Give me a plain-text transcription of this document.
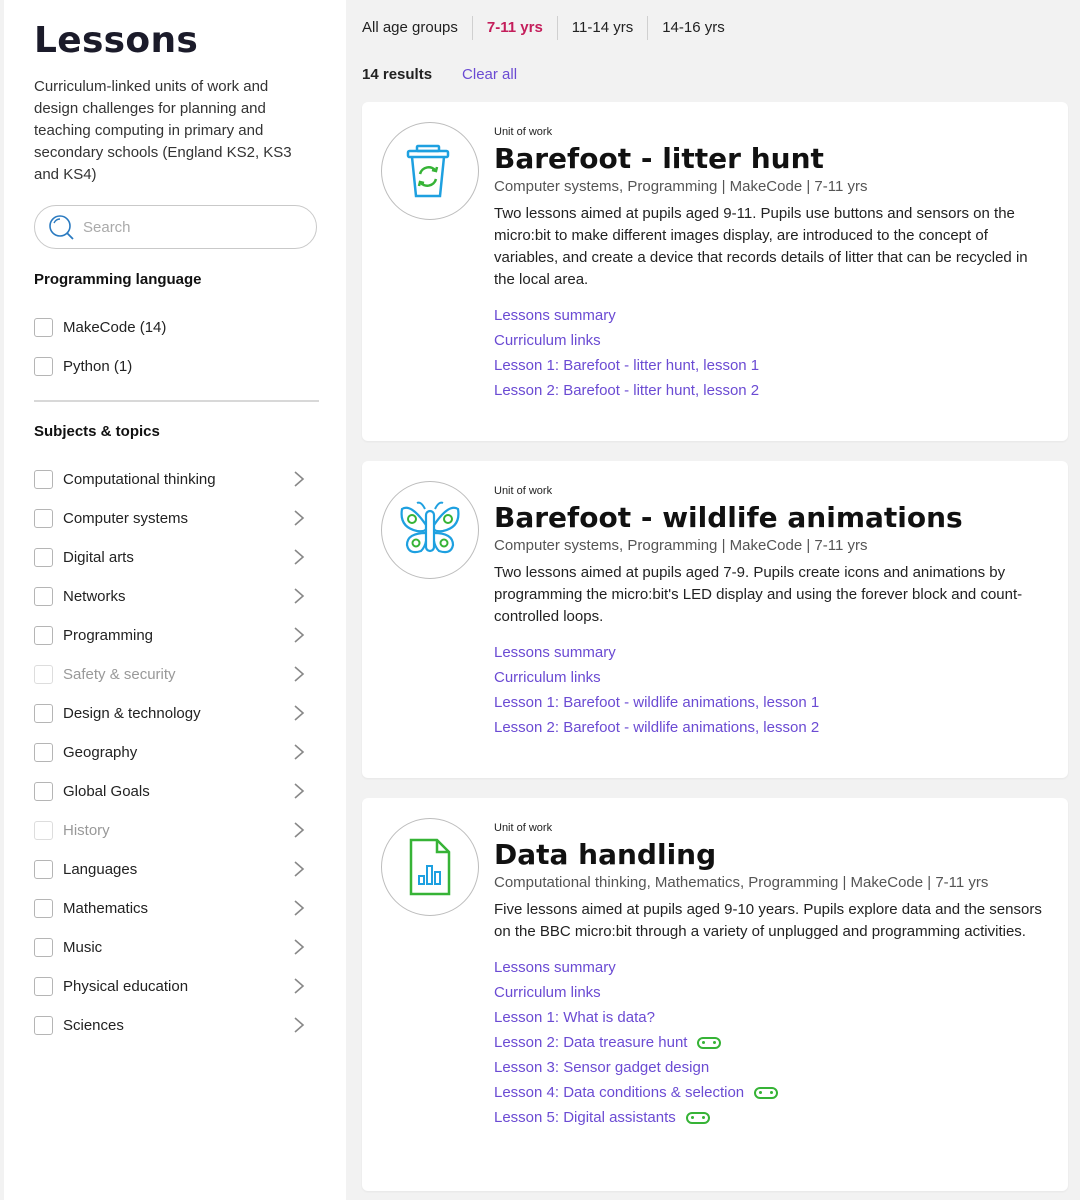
Lessons

Curriculum-linked units of work and design challenges for planning and teaching computing in primary and secondary schools (England KS2, KS3 and KS4)

Search
Programming language
MakeCode (14)
Python (1)
Subjects & topics
Computational thinking
Computer systems
Digital arts
Networks
Programming
Safety & security
Design & technology
Geography
Global Goals
History
Languages
Mathematics
Music
Physical education
Sciences
All age groups	7-11 yrs	11-14 yrs	14-16 yrs
14 results Clear all
Unit of work
Barefoot - litter hunt
Computer systems, Programming | MakeCode | 7-11 yrs
Two lessons aimed at pupils aged 9-11. Pupils use buttons and sensors on the micro:bit to make different images display, are introduced to the concept of variables, and create a device that records details of litter that can be recycled in the local area.
Lessons summary
Curriculum links
Lesson 1: Barefoot - litter hunt, lesson 1
Lesson 2: Barefoot - litter hunt, lesson 2
Unit of work
Barefoot - wildlife animations
Computer systems, Programming | MakeCode | 7-11 yrs
Two lessons aimed at pupils aged 7-9. Pupils create icons and animations by programming the micro:bit's LED display and using the forever block and count-controlled loops.
Lessons summary
Curriculum links
Lesson 1: Barefoot - wildlife animations, lesson 1
Lesson 2: Barefoot - wildlife animations, lesson 2
Unit of work
Data handling
Computational thinking, Mathematics, Programming | MakeCode | 7-11 yrs
Five lessons aimed at pupils aged 9-10 years. Pupils explore data and the sensors on the BBC micro:bit through a variety of unplugged and programming activities.
Lessons summary
Curriculum links
Lesson 1: What is data?
Lesson 2: Data treasure hunt
Lesson 3: Sensor gadget design
Lesson 4: Data conditions & selection
Lesson 5: Digital assistants
